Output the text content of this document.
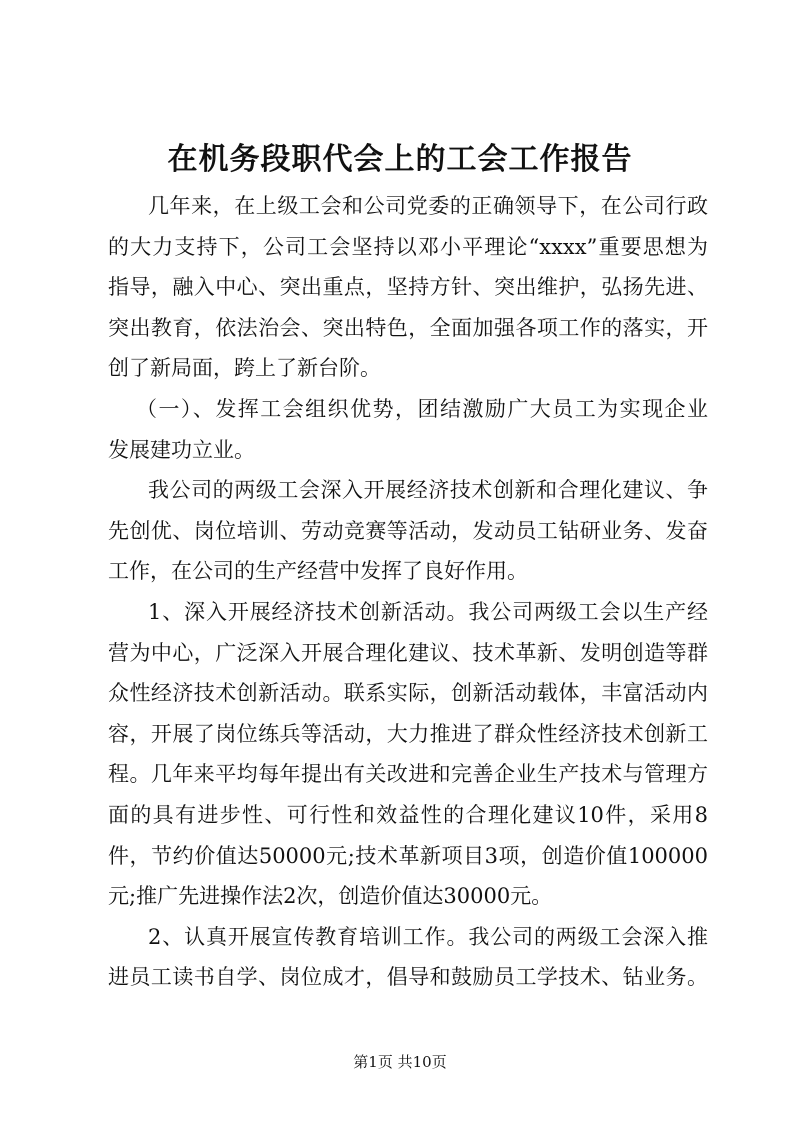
在机务段职代会上的工会工作报告
几年来，在上级工会和公司党委的正确领导下，在公司行政
的大力支持下，公司工会坚持以邓小平理论“xxxx”重要思想为
指导，融入中心、突出重点，坚持方针、突出维护，弘扬先进、
突出教育，依法治会、突出特色，全面加强各项工作的落实，开
创了新局面，跨上了新台阶。
（一）、发挥工会组织优势，团结激励广大员工为实现企业
发展建功立业。
我公司的两级工会深入开展经济技术创新和合理化建议、争
先创优、岗位培训、劳动竞赛等活动，发动员工钻研业务、发奋
工作，在公司的生产经营中发挥了良好作用。
1、深入开展经济技术创新活动。我公司两级工会以生产经
营为中心，广泛深入开展合理化建议、技术革新、发明创造等群
众性经济技术创新活动。联系实际，创新活动载体，丰富活动内
容，开展了岗位练兵等活动，大力推进了群众性经济技术创新工
程。几年来平均每年提出有关改进和完善企业生产技术与管理方
面的具有进步性、可行性和效益性的合理化建议10件，采用8
件，节约价值达50000元;技术革新项目3项，创造价值100000
元;推广先进操作法2次，创造价值达30000元。
2、认真开展宣传教育培训工作。我公司的两级工会深入推
进员工读书自学、岗位成才，倡导和鼓励员工学技术、钻业务。
第1页 共10页
